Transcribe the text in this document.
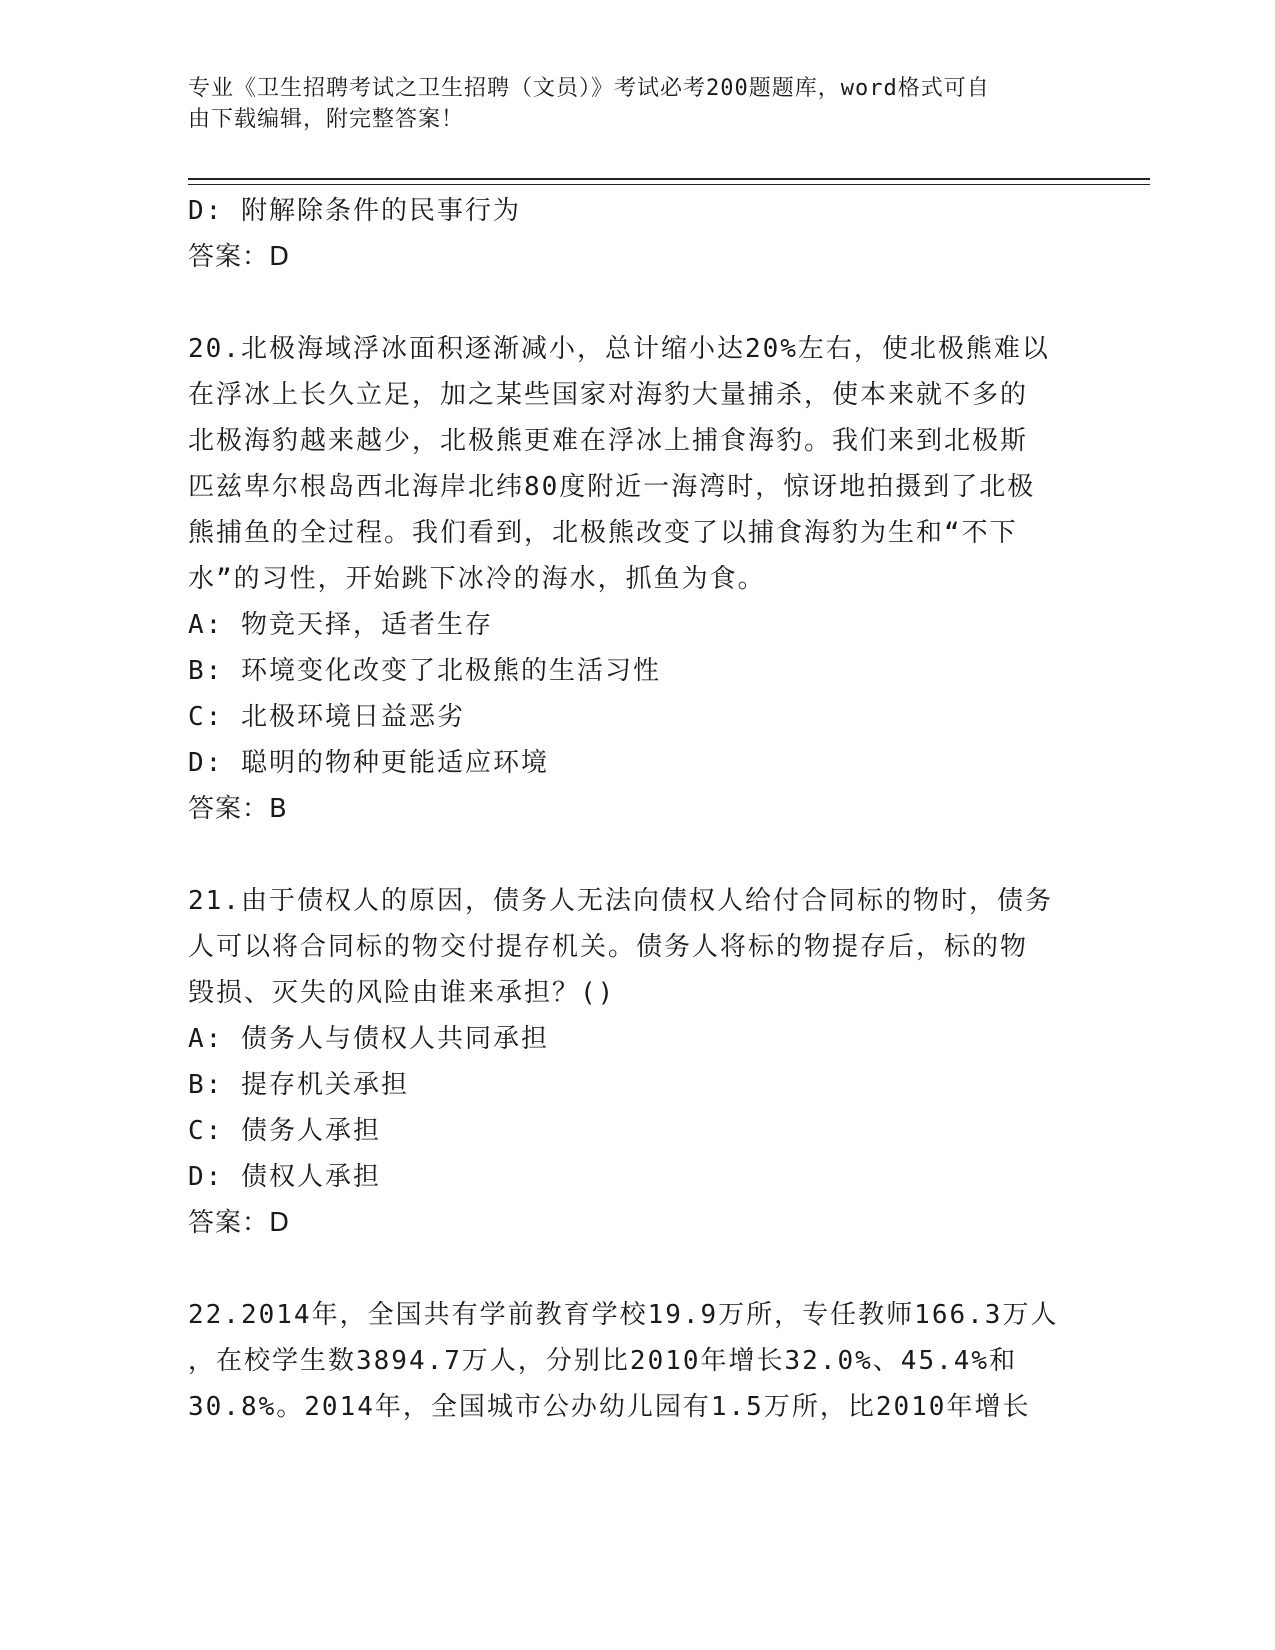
专业《卫生招聘考试之卫生招聘（文员）》考试必考200题题库，word格式可自
由下载编辑，附完整答案！
D: 附解除条件的民事行为
答案：D
20.北极海域浮冰面积逐渐减小，总计缩小达20%左右，使北极熊难以
在浮冰上长久立足，加之某些国家对海豹大量捕杀，使本来就不多的
北极海豹越来越少，北极熊更难在浮冰上捕食海豹。我们来到北极斯
匹兹卑尔根岛西北海岸北纬80度附近一海湾时，惊讶地拍摄到了北极
熊捕鱼的全过程。我们看到，北极熊改变了以捕食海豹为生和“不下
水”的习性，开始跳下冰冷的海水，抓鱼为食。
A: 物竞天择，适者生存
B: 环境变化改变了北极熊的生活习性
C: 北极环境日益恶劣
D: 聪明的物种更能适应环境
答案：B
21.由于债权人的原因，债务人无法向债权人给付合同标的物时，债务
人可以将合同标的物交付提存机关。债务人将标的物提存后，标的物
毁损、灭失的风险由谁来承担？()
A: 债务人与债权人共同承担
B: 提存机关承担
C: 债务人承担
D: 债权人承担
答案：D
22.2014年，全国共有学前教育学校19.9万所，专任教师166.3万人
，在校学生数3894.7万人，分别比2010年增长32.0%、45.4%和
30.8%。2014年，全国城市公办幼儿园有1.5万所，比2010年增长
